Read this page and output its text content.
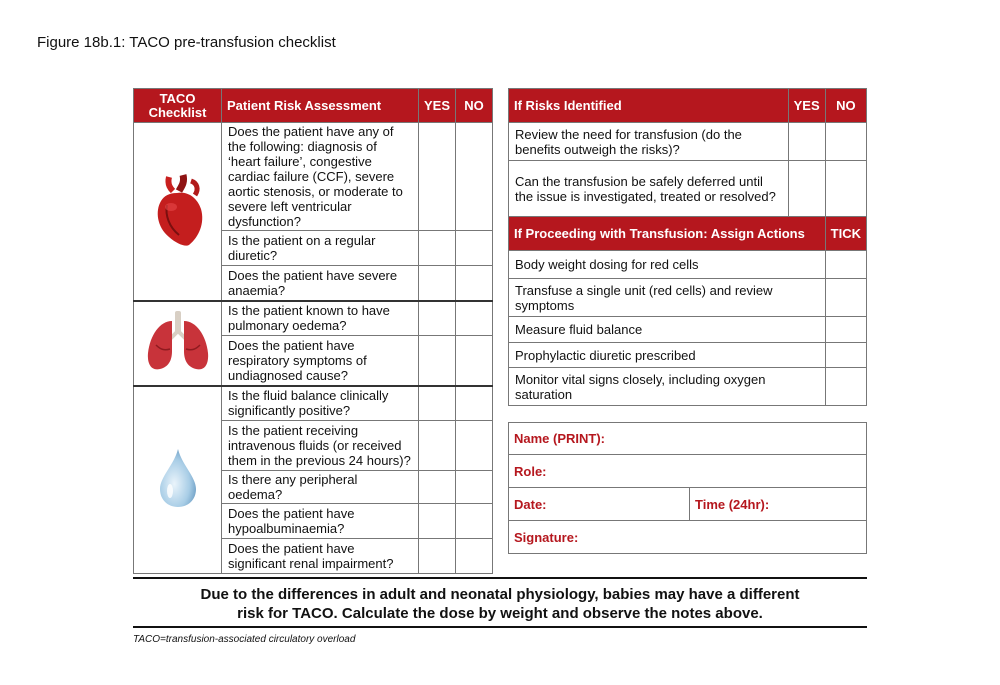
Figure 18b.1: TACO pre-transfusion checklist
TACO Checklist	Patient Risk Assessment	YES	NO
	Does the patient have any of the following: diagnosis of ‘heart failure’, congestive cardiac failure (CCF), severe aortic stenosis, or moderate to severe left ventricular dysfunction?		
	Is the patient on a regular diuretic?		
	Does the patient have severe anaemia?		
	Is the patient known to have pulmonary oedema?		
	Does the patient have respiratory symptoms of undiagnosed cause?		
	Is the fluid balance clinically significantly positive?		
	Is the patient receiving intravenous fluids (or received them in the previous 24 hours)?		
	Is there any peripheral oedema?		
	Does the patient have hypoalbuminaemia?		
	Does the patient have significant renal impairment?		
If Risks Identified	YES	NO
Review the need for transfusion (do the benefits outweigh the risks)?		
Can the transfusion be safely deferred until the issue is investigated, treated or resolved?		
If Proceeding with Transfusion: Assign Actions		TICK
Body weight dosing for red cells		
Transfuse a single unit (red cells) and review symptoms		
Measure fluid balance		
Prophylactic diuretic prescribed		
Monitor vital signs closely, including oxygen saturation		
Name (PRINT):
Role:
Date:	Time (24hr):
Signature:
Due to the differences in adult and neonatal physiology, babies may have a different
risk for TACO. Calculate the dose by weight and observe the notes above.
TACO=transfusion-associated circulatory overload
